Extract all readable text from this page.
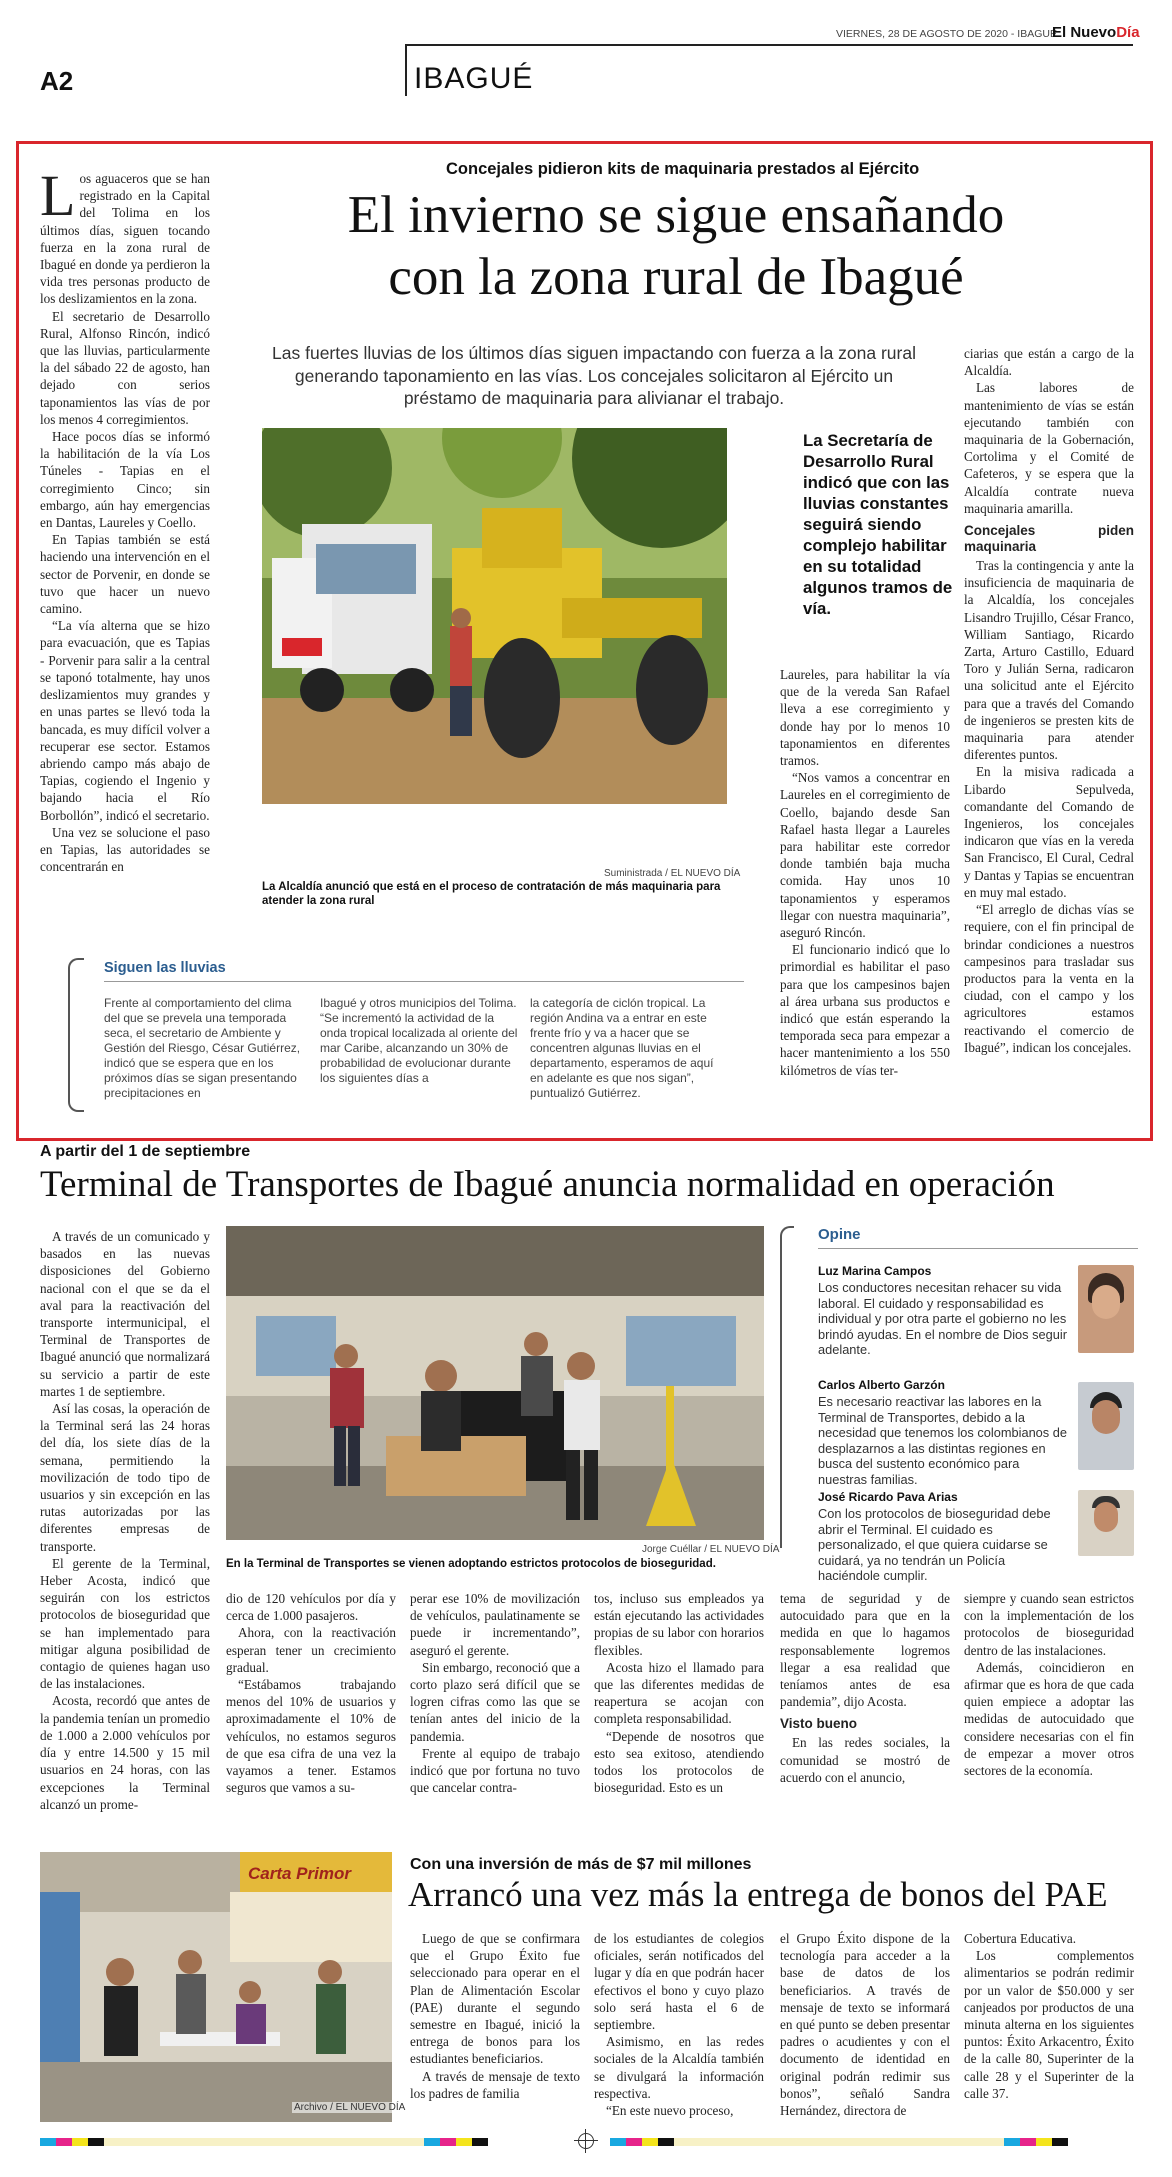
VIERNES, 28 DE AGOSTO DE 2020 - IBAGUÉ
El NuevoDía
A2	IBAGUÉ
Concejales pidieron kits de maquinaria prestados al Ejército
El invierno se sigue ensañando
con la zona rural de Ibagué
Las fuertes lluvias de los últimos días siguen impactando con fuerza a la zona rural generando taponamiento en las vías. Los concejales solicitaron al Ejército un préstamo de maquinaria para alivianar el trabajo.
L os aguaceros que se han registrado en la Capital del Tolima en los últimos días, siguen tocando fuerza en la zona rural de Ibagué en donde ya perdieron la vida tres personas producto de los deslizamientos en la zona.

El secretario de Desarrollo Rural, Alfonso Rincón, indicó que las lluvias, particularmente la del sábado 22 de agosto, han dejado con serios taponamientos las vías de por los menos 4 corregimientos.

Hace pocos días se informó la habilitación de la vía Los Túneles - Tapias en el corregimiento Cinco; sin embargo, aún hay emergencias en Dantas, Laureles y Coello.

En Tapias también se está haciendo una intervención en el sector de Porvenir, en donde se tuvo que hacer un nuevo camino.

“La vía alterna que se hizo para evacuación, que es Tapias - Porvenir para salir a la central se taponó totalmente, hay unos deslizamientos muy grandes y en unas partes se llevó toda la bancada, es muy difícil volver a recuperar ese sector. Estamos abriendo campo más abajo de Tapias, cogiendo el Ingenio y bajando hacia el Río Borbollón”, indicó el secretario.

Una vez se solucione el paso en Tapias, las autoridades se concentrarán en	Suministrada / EL NUEVO DÍA
La Alcaldía anunció que está en el proceso de contratación de más maquinaria para atender la zona rural
La Secretaría de Desarrollo Rural indicó que con las lluvias constantes seguirá siendo complejo habilitar en su totalidad algunos tramos de vía.

Laureles, para habilitar la vía que de la vereda San Rafael lleva a ese corregimiento y donde hay por lo menos 10 taponamientos en diferentes tramos.

“Nos vamos a concentrar en Laureles en el corregimiento de Coello, bajando desde San Rafael hasta llegar a Laureles para habilitar este corredor donde también baja mucha comida. Hay unos 10 taponamientos y esperamos llegar con nuestra maquinaria”, aseguró Rincón.

El funcionario indicó que lo primordial es habilitar el paso para que los campesinos bajen al área urbana sus productos e indicó que están esperando la temporada seca para empezar a hacer mantenimiento a los 550 kilómetros de vías ter-

ciarias que están a cargo de la Alcaldía.

Las labores de mantenimiento de vías se están ejecutando también con maquinaria de la Gobernación, Cortolima y el Comité de Cafeteros, y se espera que la Alcaldía contrate nueva maquinaria amarilla.

Concejales piden maquinaria

Tras la contingencia y ante la insuficiencia de maquinaria de la Alcaldía, los concejales Lisandro Trujillo, César Franco, William Santiago, Ricardo Zarta, Arturo Castillo, Eduard Toro y Julián Serna, radicaron una solicitud ante el Ejército para que a través del Comando de ingenieros se presten kits de maquinaria para atender diferentes puntos.

En la misiva radicada a Libardo Sepulveda, comandante del Comando de Ingenieros, los concejales indicaron que vías en la vereda San Francisco, El Cural, Cedral y Dantas y Tapias se encuentran en muy mal estado.

“El arreglo de dichas vías se requiere, con el fin principal de brindar condiciones a nuestros campesinos para trasladar sus productos para la venta en la ciudad, con el campo y los agricultores estamos reactivando el comercio de Ibagué”, indican los concejales.

Siguen las lluvias
Frente al comportamiento del clima del que se prevela una temporada seca, el secretario de Ambiente y Gestión del Riesgo, César Gutiérrez, indicó que se espera que en los próximos días se sigan presentando precipitaciones en
Ibagué y otros municipios del Tolima.
“Se incrementó la actividad de la onda tropical localizada al oriente del mar Caribe, alcanzando un 30% de probabilidad de evolucionar durante los siguientes días a
la categoría de ciclón tropical. La región Andina va a entrar en este frente frío y va a hacer que se concentren algunas lluvias en el departamento, esperamos de aquí en adelante es que nos sigan”, puntualizó Gutiérrez.
A partir del 1 de septiembre
Terminal de Transportes de Ibagué anuncia normalidad en operación

A través de un comunicado y basados en las nuevas disposiciones del Gobierno nacional con el que se da el aval para la reactivación del transporte intermunicipal, el Terminal de Transportes de Ibagué anunció que normalizará su servicio a partir de este martes 1 de septiembre.

Así las cosas, la operación de la Terminal será las 24 horas del día, los siete días de la semana, permitiendo la movilización de todo tipo de usuarios y sin excepción en las rutas autorizadas por las diferentes empresas de transporte.

El gerente de la Terminal, Heber Acosta, indicó que seguirán con los estrictos protocolos de bioseguridad que se han implementado para mitigar alguna posibilidad de contagio de quienes hagan uso de las instalaciones.

Acosta, recordó que antes de la pandemia tenían un promedio de 1.000 a 2.000 vehículos por día y entre 14.500 y 15 mil usuarios en 24 horas, con las excepciones la Terminal alcanzó un prome-

Jorge Cuéllar / EL NUEVO DÍA
En la Terminal de Transportes se vienen adoptando estrictos protocolos de bioseguridad.

dio de 120 vehículos por día y cerca de 1.000 pasajeros.

Ahora, con la reactivación esperan tener un crecimiento gradual.

“Estábamos trabajando menos del 10% de usuarios y aproximadamente el 10% de vehículos, no estamos seguros de que esa cifra de una vez la vayamos a tener. Estamos seguros que vamos a su-

perar ese 10% de movilización de vehículos, paulatinamente se puede ir incrementando”, aseguró el gerente.

Sin embargo, reconoció que a corto plazo será difícil que se logren cifras como las que se tenían antes del inicio de la pandemia.

Frente al equipo de trabajo indicó que por fortuna no tuvo que cancelar contra-

tos, incluso sus empleados ya están ejecutando las actividades propias de su labor con horarios flexibles.

Acosta hizo el llamado para que las diferentes medidas de reapertura se acojan con completa responsabilidad.

“Depende de nosotros que esto sea exitoso, atendiendo todos los protocolos de bioseguridad. Esto es un

tema de seguridad y de autocuidado para que en la medida en que lo hagamos responsablemente logremos llegar a esa realidad que teníamos antes de esa pandemia”, dijo Acosta.

Visto bueno

En las redes sociales, la comunidad se mostró de acuerdo con el anuncio,

siempre y cuando sean estrictos con la implementación de los protocolos de bioseguridad dentro de las instalaciones.

Además, coincidieron en afirmar que es hora de que cada quien empiece a adoptar las medidas de autocuidado que considere necesarias con el fin de empezar a mover otros sectores de la economía.

Opine
Luz Marina Campos
Los conductores necesitan rehacer su vida laboral. El cuidado y responsabilidad es individual y por otra parte el gobierno no les brindó ayudas. En el nombre de Dios seguir adelante.
Carlos Alberto Garzón
Es necesario reactivar las labores en la Terminal de Transportes, debido a la necesidad que tenemos los colombianos de desplazarnos a las distintas regiones en busca del sustento económico para nuestras familias.
José Ricardo Pava Arias
Con los protocolos de bioseguridad debe abrir el Terminal. El cuidado es personalizado, el que quiera cuidarse se cuidará, ya no tendrán un Policía haciéndole cumplir.
Carta Primor
Archivo / EL NUEVO DÍA
Con una inversión de más de $7 mil millones
Arrancó una vez más la entrega de bonos del PAE

Luego de que se confirmara que el Grupo Éxito fue seleccionado para operar en el Plan de Alimentación Escolar (PAE) durante el segundo semestre en Ibagué, inició la entrega de bonos para los estudiantes beneficiarios.

A través de mensaje de texto los padres de familia

de los estudiantes de colegios oficiales, serán notificados del lugar y día en que podrán hacer efectivos el bono y cuyo plazo solo será hasta el 6 de septiembre.

Asimismo, en las redes sociales de la Alcaldía también se divulgará la información respectiva.

“En este nuevo proceso,

el Grupo Éxito dispone de la tecnología para acceder a la base de datos de los beneficiarios. A través de mensaje de texto se informará en qué punto se deben presentar padres o acudientes y con el documento de identidad en original podrán redimir sus bonos”, señaló Sandra Hernández, directora de

Cobertura Educativa.

Los complementos alimentarios se podrán redimir por un valor de $50.000 y ser canjeados por productos de una minuta alterna en los siguientes puntos: Éxito Arkacentro, Éxito de la calle 80, Superinter de la calle 28 y el Superinter de la calle 37.
